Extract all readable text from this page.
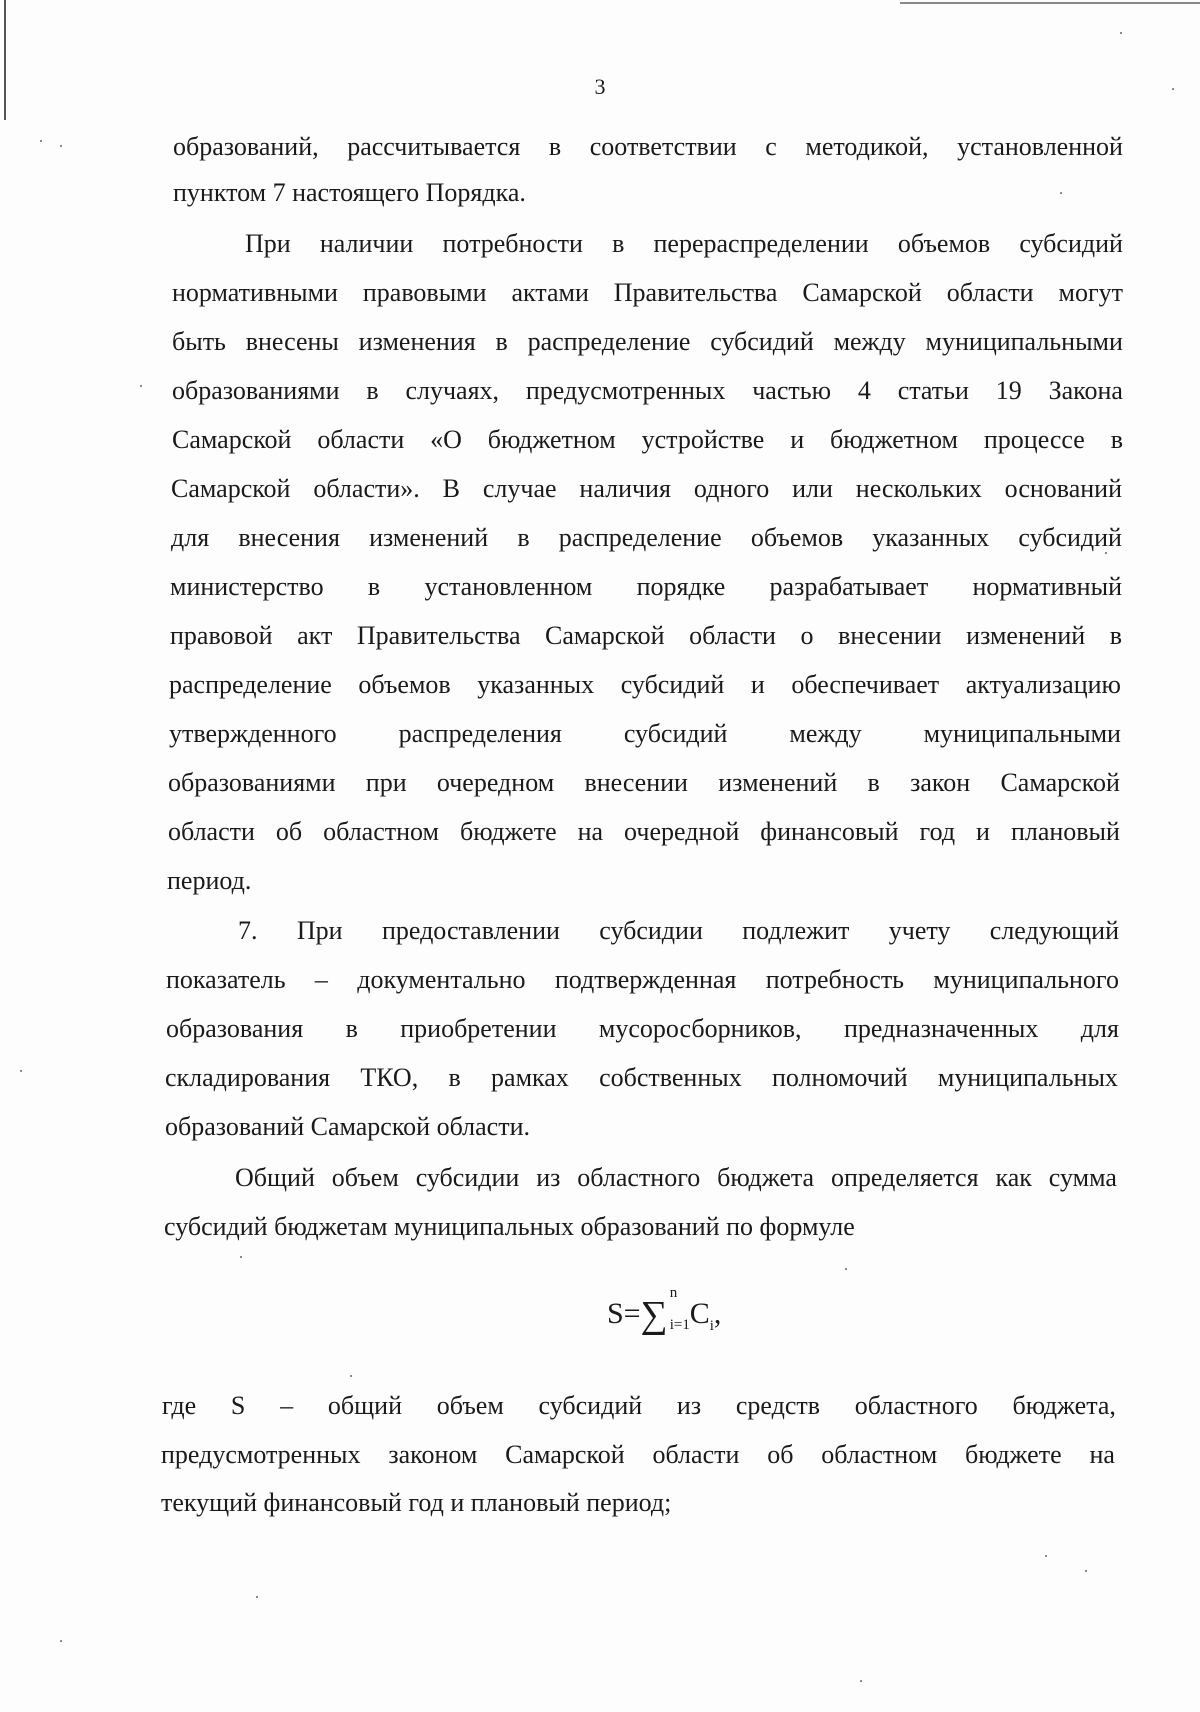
3
образований, рассчитывается в соответствии с методикой, установленной
пунктом 7 настоящего Порядка.
При наличии потребности в перераспределении объемов субсидий
нормативными правовыми актами Правительства Самарской области могут
быть внесены изменения в распределение субсидий между муниципальными
образованиями в случаях, предусмотренных частью 4 статьи 19 Закона
Самарской области «О бюджетном устройстве и бюджетном процессе в
Самарской области». В случае наличия одного или нескольких оснований
для внесения изменений в распределение объемов указанных субсидий
министерство в установленном порядке разрабатывает нормативный
правовой акт Правительства Самарской области о внесении изменений в
распределение объемов указанных субсидий и обеспечивает актуализацию
утвержденного распределения субсидий между муниципальными
образованиями при очередном внесении изменений в закон Самарской
области об областном бюджете на очередной финансовый год и плановый
период.
7. При предоставлении субсидии подлежит учету следующий
показатель – документально подтвержденная потребность муниципального
образования в приобретении мусоросборников, предназначенных для
складирования ТКО, в рамках собственных полномочий муниципальных
образований Самарской области.
Общий объем субсидии из областного бюджета определяется как сумма
субсидий бюджетам муниципальных образований по формуле
S=∑
n
i=1 $C_i$,
где S – общий объем субсидий из средств областного бюджета,
предусмотренных законом Самарской области об областном бюджете на
текущий финансовый год и плановый период;
